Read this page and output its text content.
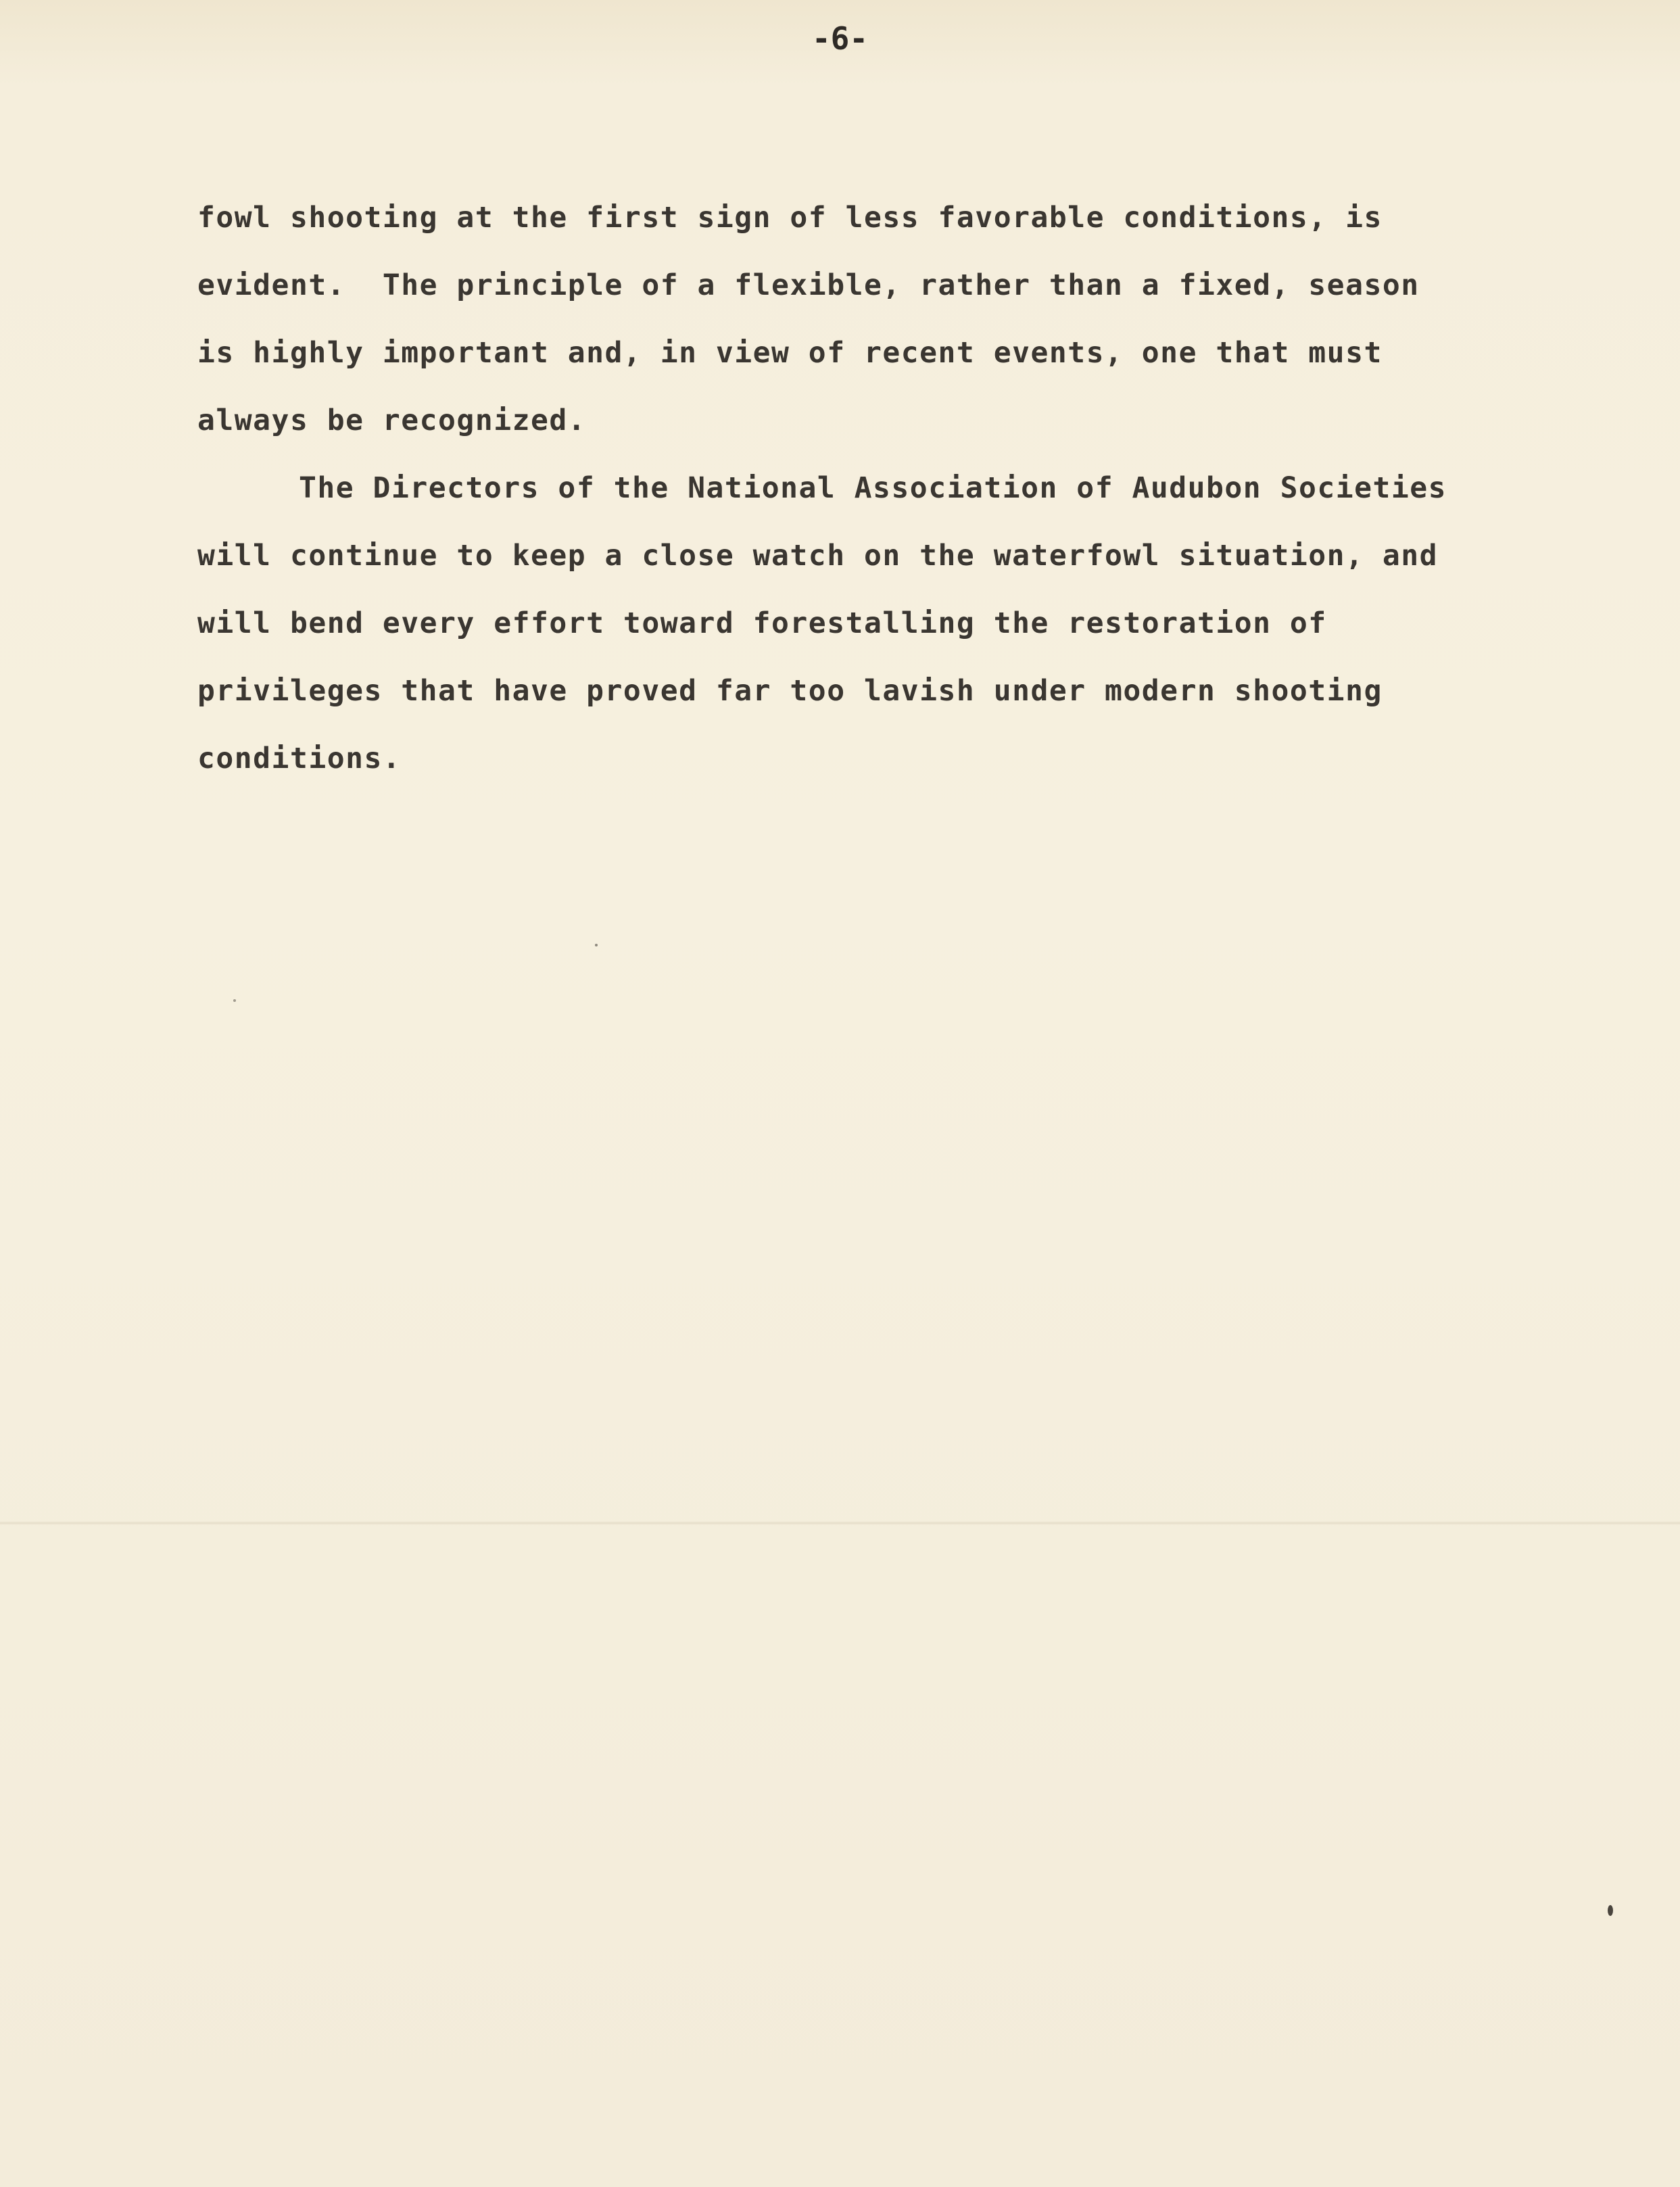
-6-
fowl shooting at the first sign of less favorable conditions, is
evident.  The principle of a flexible, rather than a fixed, season
is highly important and, in view of recent events, one that must
always be recognized.
The Directors of the National Association of Audubon Societies
will continue to keep a close watch on the waterfowl situation, and
will bend every effort toward forestalling the restoration of
privileges that have proved far too lavish under modern shooting
conditions.
